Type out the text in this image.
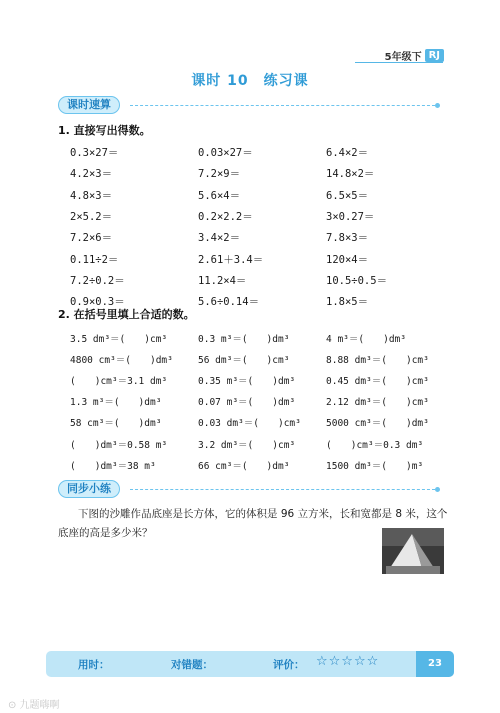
5年级下 RJ
课时 10　练习课
课时速算
1. 直接写出得数。
0.3×27＝	0.03×27＝	6.4×2＝
4.2×3＝	7.2×9＝	14.8×2＝
4.8×3＝	5.6×4＝	6.5×5＝
2×5.2＝	0.2×2.2＝	3×0.27＝
7.2×6＝	3.4×2＝	7.8×3＝
0.11÷2＝	2.61＋3.4＝	120×4＝
7.2÷0.2＝	11.2×4＝	10.5÷0.5＝
0.9×0.3＝	5.6÷0.14＝	1.8×5＝
2. 在括号里填上合适的数。
3.5 dm³＝(　　)cm³	0.3 m³＝(　　)dm³	4 m³＝(　　)dm³
4800 cm³＝(　　)dm³	56 dm³＝(　　)cm³	8.88 dm³＝(　　)cm³
(　　)cm³＝3.1 dm³	0.35 m³＝(　　)dm³	0.45 dm³＝(　　)cm³
1.3 m³＝(　　)dm³	0.07 m³＝(　　)dm³	2.12 dm³＝(　　)cm³
58 cm³＝(　　)dm³	0.03 dm³＝(　　)cm³	5000 cm³＝(　　)dm³
(　　)dm³＝0.58 m³	3.2 dm³＝(　　)cm³	(　　)cm³＝0.3 dm³
(　　)dm³＝38 m³	66 cm³＝(　　)dm³	1500 dm³＝(　　)m³
同步小练
下图的沙雕作品底座是长方体，它的体积是 96 立方米，长和宽都是 8 米，这个底座的高是多少米？
用时：	对错题：	评价： ☆☆☆☆☆	23
⊙ 九题嗨啊
